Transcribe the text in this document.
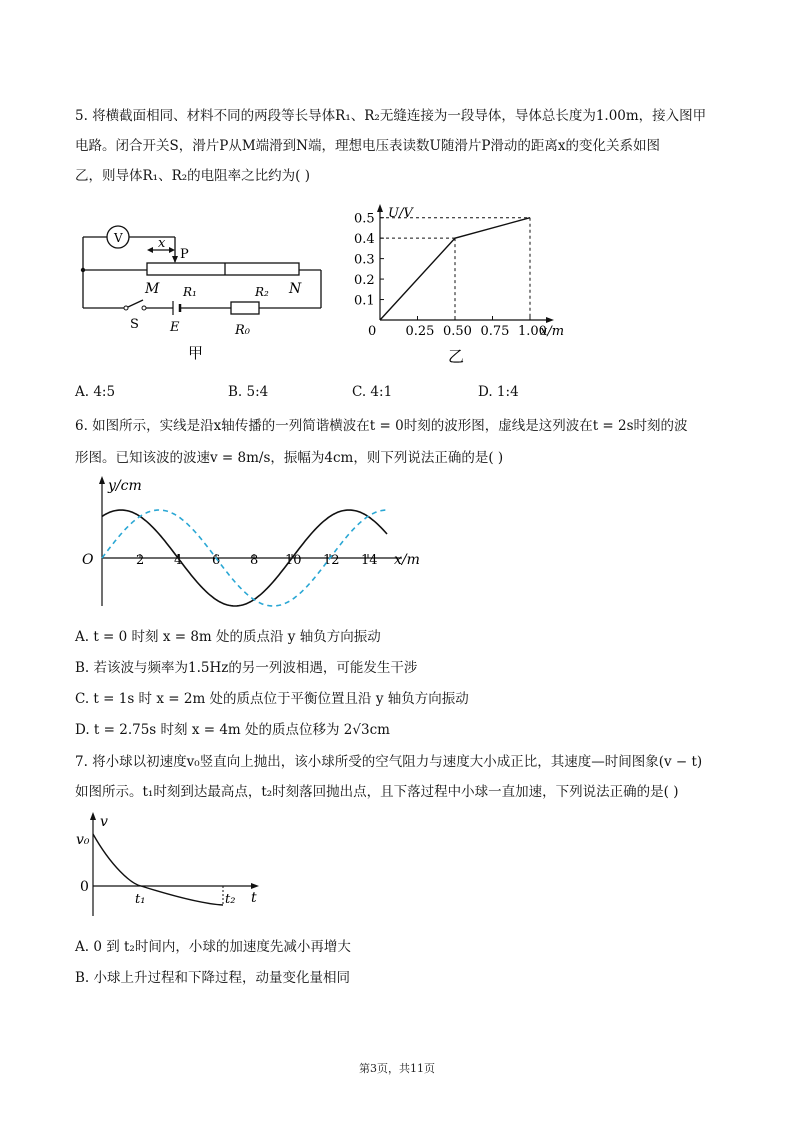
5. 将横截面相同、材料不同的两段等长导体R₁、R₂无缝连接为一段导体，导体总长度为1.00m，接入图甲
电路。闭合开关S，滑片P从M端滑到N端，理想电压表读数U随滑片P滑动的距离x的变化关系如图
乙，则导体R₁、R₂的电阻率之比约为( )
V	x
P
M	N
R₁	R₂
S E	R₀
甲
U/V
x/m
0.1
0.2
0.3
0.4
0.5
0 0.25 0.50 0.75 1.00
乙
A. 4:5	B. 5:4	C. 4:1	D. 1:4
6. 如图所示，实线是沿x轴传播的一列简谐横波在t = 0时刻的波形图，虚线是这列波在t = 2s时刻的波
形图。已知该波的波速v = 8m/s，振幅为4cm，则下列说法正确的是( )
y/cm
x/m
O	2 4 6 8 10 12 14
A. t = 0 时刻 x = 8m 处的质点沿 y 轴负方向振动
B. 若该波与频率为1.5Hz的另一列波相遇，可能发生干涉
C. t = 1s 时 x = 2m 处的质点位于平衡位置且沿 y 轴负方向振动
D. t = 2.75s 时刻 x = 4m 处的质点位移为 2√3cm
7. 将小球以初速度v₀竖直向上抛出，该小球所受的空气阻力与速度大小成正比，其速度—时间图象(v − t)
如图所示。t₁时刻到达最高点，t₂时刻落回抛出点，且下落过程中小球一直加速，下列说法正确的是( )
v
t
0
v₀
t₁	t₂
A. 0 到 t₂时间内，小球的加速度先减小再增大
B. 小球上升过程和下降过程，动量变化量相同
第3页，共11页
